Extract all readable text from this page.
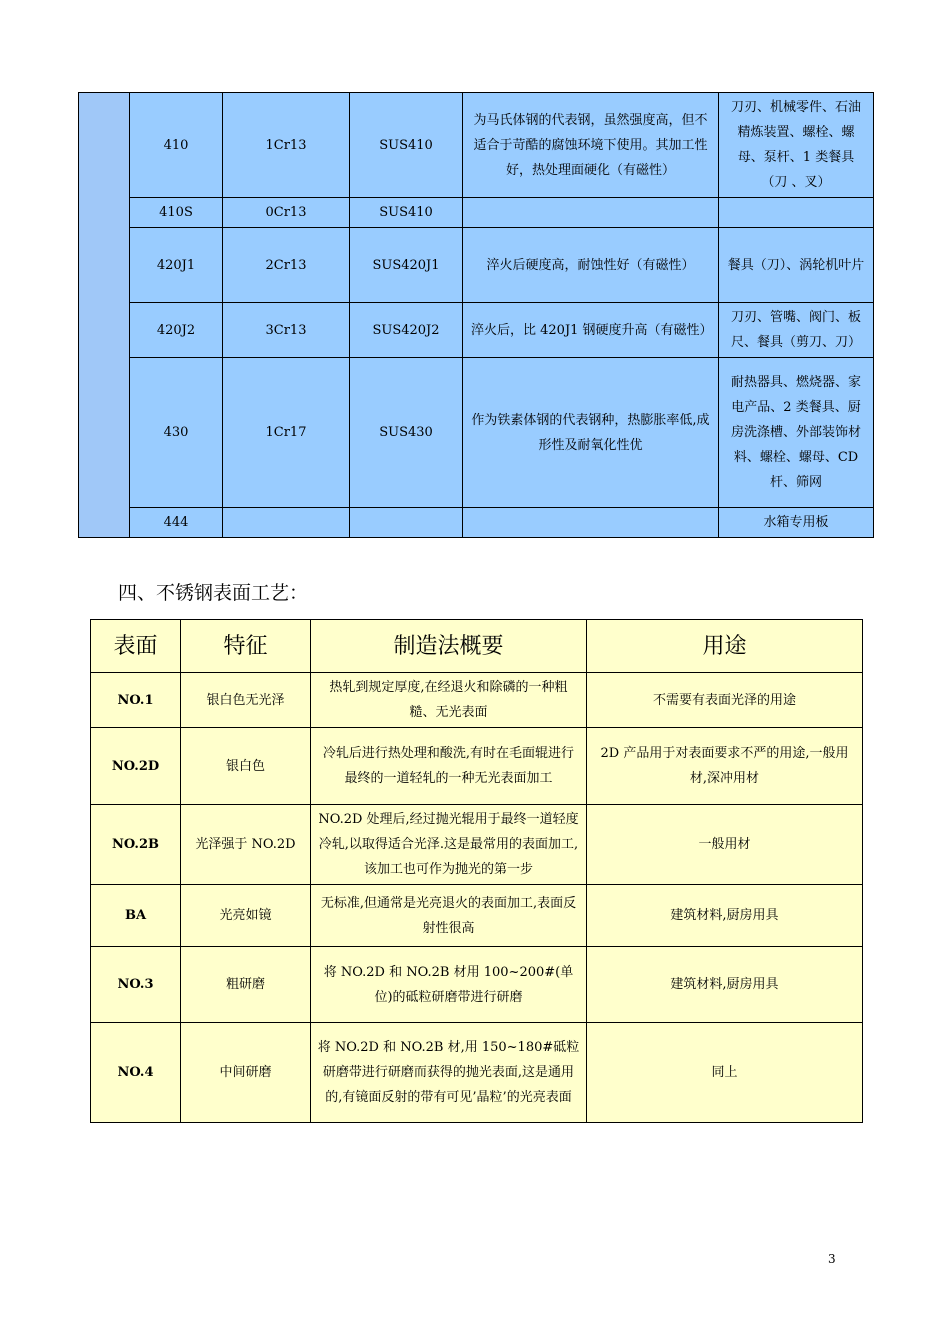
	410	1Cr13	SUS410	为马氏体钢的代表钢，虽然强度高，但不适合于苛酷的腐蚀环境下使用。其加工性好，热处理面硬化（有磁性）	刀刃、机械零件、石油精炼装置、螺栓、螺母、泵杆、1 类餐具（刀 、叉）
	410S	0Cr13	SUS410		
	420J1	2Cr13	SUS420J1	淬火后硬度高，耐蚀性好（有磁性）	餐具（刀）、涡轮机叶片
	420J2	3Cr13	SUS420J2	淬火后，比 420J1 钢硬度升高（有磁性）	刀刃、管嘴、阀门、板尺、餐具（剪刀、刀）
	430	1Cr17	SUS430	作为铁素体钢的代表钢种，热膨胀率低,成形性及耐氧化性优	耐热器具、燃烧器、家电产品、2 类餐具、厨房洗涤槽、外部装饰材料、螺栓、螺母、CD 杆、筛网
	444				水箱专用板
四、不锈钢表面工艺：
表面	特征	制造法概要	用途
NO.1	银白色无光泽	热轧到规定厚度,在经退火和除磷的一种粗糙、无光表面	不需要有表面光泽的用途
NO.2D	银白色	冷轧后进行热处理和酸洗,有时在毛面辊进行最终的一道轻轧的一种无光表面加工	2D 产品用于对表面要求不严的用途,一般用材,深冲用材
NO.2B	光泽强于 NO.2D	NO.2D 处理后,经过抛光辊用于最终一道轻度冷轧,以取得适合光泽.这是最常用的表面加工,该加工也可作为抛光的第一步	一般用材
BA	光亮如镜	无标准,但通常是光亮退火的表面加工,表面反射性很高	建筑材料,厨房用具
NO.3	粗研磨	将 NO.2D 和 NO.2B 材用 100~200#(单位)的砥粒研磨带进行研磨	建筑材料,厨房用具
NO.4	中间研磨	将 NO.2D 和 NO.2B 材,用 150~180#砥粒研磨带进行研磨而获得的抛光表面,这是通用的,有镜面反射的带有可见’晶粒’的光亮表面	同上
3
